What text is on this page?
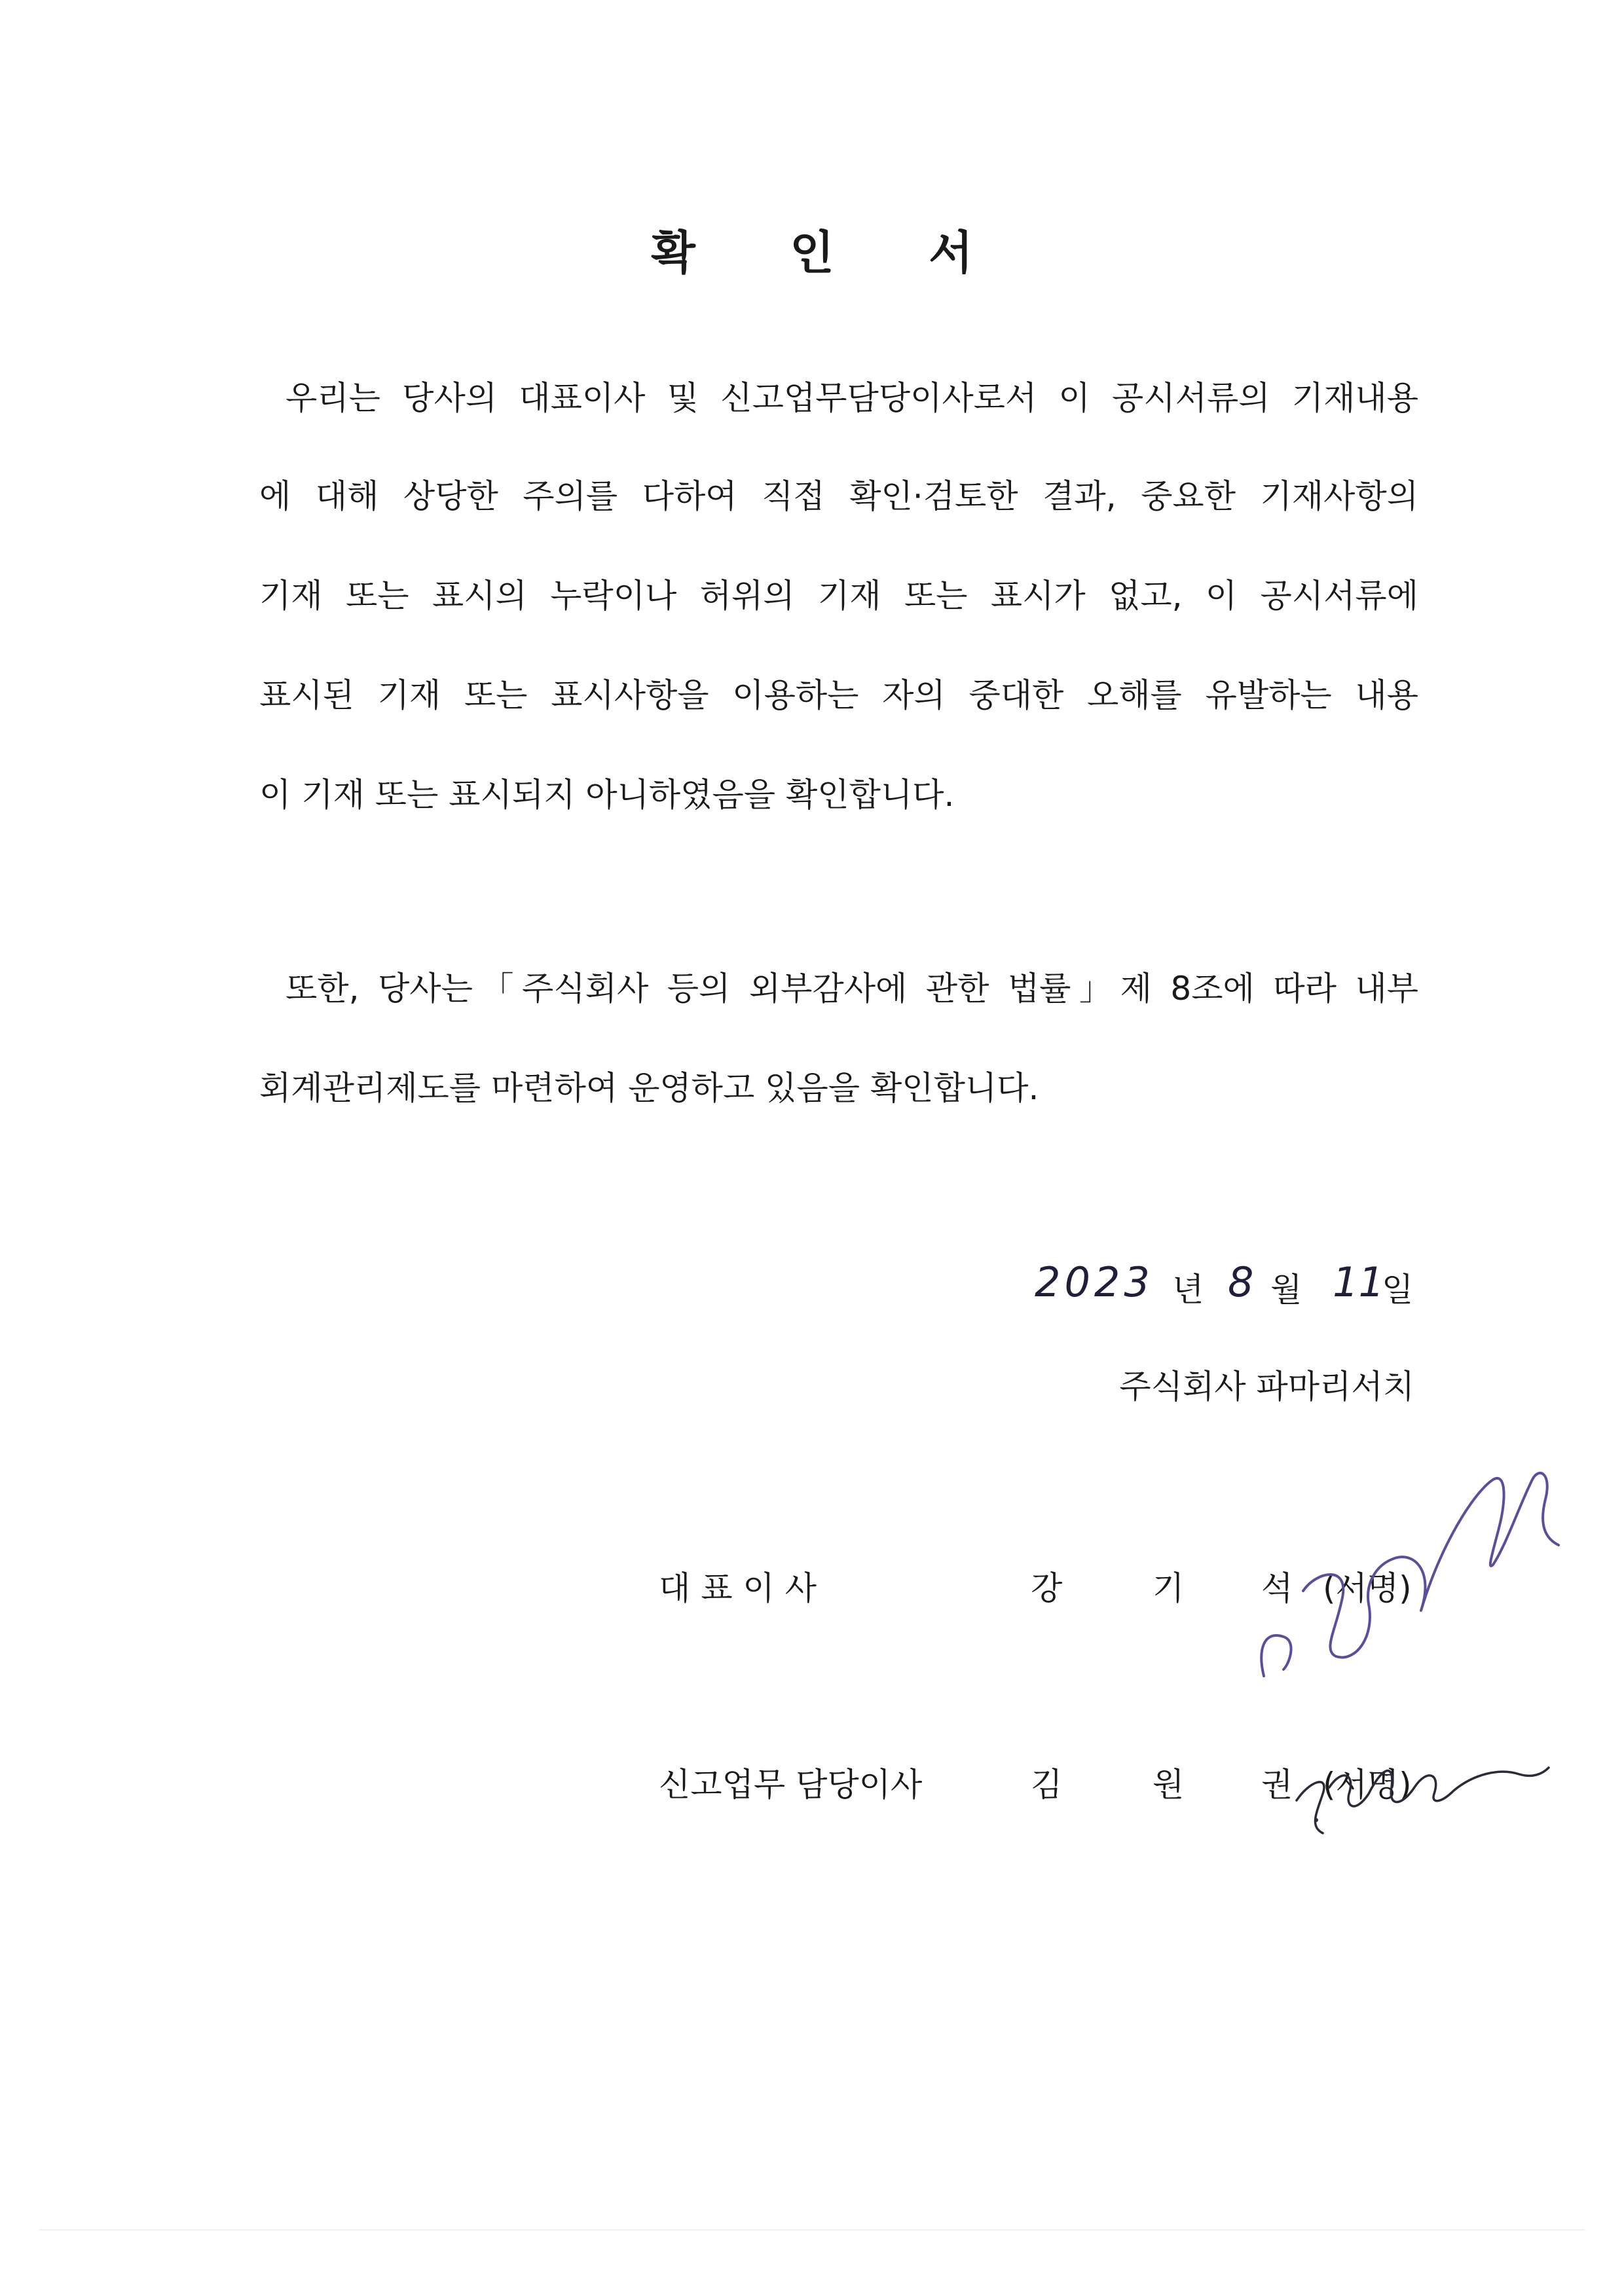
확 인 서
우리는 당사의 대표이사 및 신고업무담당이사로서 이 공시서류의 기재내용
에 대해 상당한 주의를 다하여 직접 확인·검토한 결과, 중요한 기재사항의
기재 또는 표시의 누락이나 허위의 기재 또는 표시가 없고, 이 공시서류에
표시된 기재 또는 표시사항을 이용하는 자의 중대한 오해를 유발하는 내용
이 기재 또는 표시되지 아니하였음을 확인합니다.
또한, 당사는「주식회사 등의 외부감사에 관한 법률」제 8조에 따라 내부
회계관리제도를 마련하여 운영하고 있음을 확인합니다.
2023 년 8 월 11
일
주식회사 파마리서치
대 표 이 사	강	기 석 (서명)
신고업무 담당이사	김	원 권 (서명)
